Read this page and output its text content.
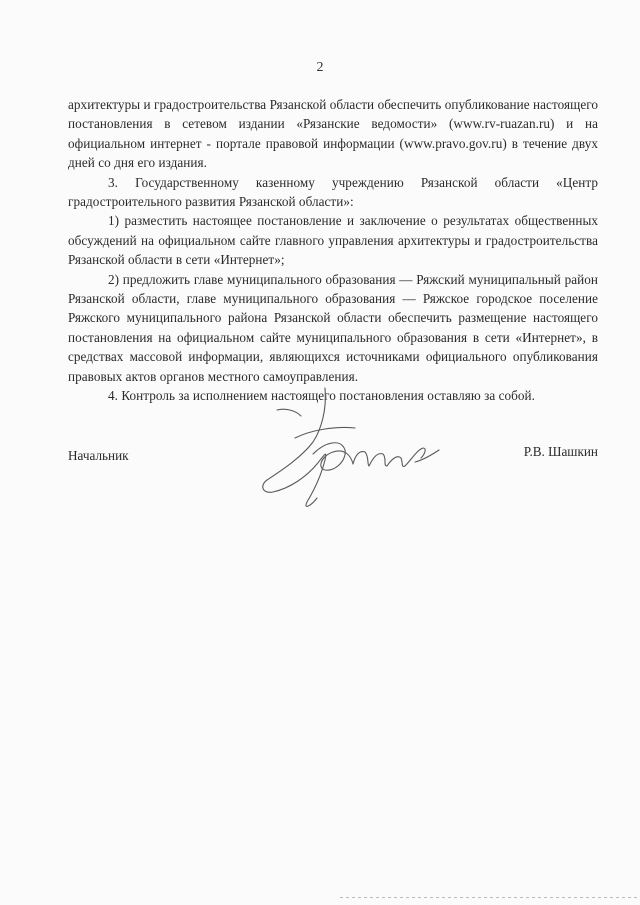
2

архитектуры и градостроительства Рязанской области обеспечить опубликование настоящего постановления в сетевом издании «Рязанские ведомости» (www.rv-ruazan.ru) и на официальном интернет - портале правовой информации (www.pravo.gov.ru) в течение двух дней со дня его издания.

3. Государственному казенному учреждению Рязанской области «Центр градостроительного развития Рязанской области»:

1) разместить настоящее постановление и заключение о результатах общественных обсуждений на официальном сайте главного управления архитектуры и градостроительства Рязанской области в сети «Интернет»;

2) предложить главе муниципального образования — Ряжский муниципальный район Рязанской области, главе муниципального образования — Ряжское городское поселение Ряжского муниципального района Рязанской области обеспечить размещение настоящего постановления на официальном сайте муниципального образования в сети «Интернет», в средствах массовой информации, являющихся источниками официального опубликования правовых актов органов местного самоуправления.

4. Контроль за исполнением настоящего постановления оставляю за собой.

Начальник	Р.В. Шашкин
